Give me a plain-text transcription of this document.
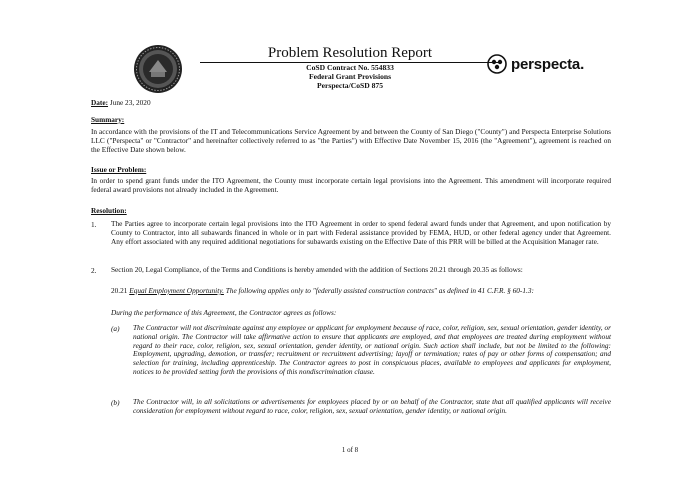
Problem Resolution Report
CoSD Contract No. 554833
Federal Grant Provisions
Perspecta/CoSD 875
perspecta.
Date: June 23, 2020
Summary:
In accordance with the provisions of the IT and Telecommunications Service Agreement by and between the County of San Diego ("County") and Perspecta Enterprise Solutions LLC ("Perspecta" or "Contractor" and hereinafter collectively referred to as "the Parties") with Effective Date November 15, 2016 (the "Agreement"), agreement is reached on the Effective Date shown below.
Issue or Problem:
In order to spend grant funds under the ITO Agreement, the County must incorporate certain legal provisions into the Agreement. This amendment will incorporate required federal award provisions not already included in the Agreement.
Resolution:
1. The Parties agree to incorporate certain legal provisions into the ITO Agreement in order to spend federal award funds under that Agreement, and upon notification by County to Contractor, into all subawards financed in whole or in part with Federal assistance provided by FEMA, HUD, or other federal agency under that Agreement. Any effort associated with any required additional negotiations for subawards existing on the Effective Date of this PRR will be billed at the Acquisition Manager rate.
2. Section 20, Legal Compliance, of the Terms and Conditions is hereby amended with the addition of Sections 20.21 through 20.35 as follows:
20.21 Equal Employment Opportunity. The following applies only to "federally assisted construction contracts" as defined in 41 C.F.R. § 60-1.3:
During the performance of this Agreement, the Contractor agrees as follows:
(a) The Contractor will not discriminate against any employee or applicant for employment because of race, color, religion, sex, sexual orientation, gender identity, or national origin. The Contractor will take affirmative action to ensure that applicants are employed, and that employees are treated during employment without regard to their race, color, religion, sex, sexual orientation, gender identity, or national origin. Such action shall include, but not be limited to the following: Employment, upgrading, demotion, or transfer; recruitment or recruitment advertising; layoff or termination; rates of pay or other forms of compensation; and selection for training, including apprenticeship. The Contractor agrees to post in conspicuous places, available to employees and applicants for employment, notices to be provided setting forth the provisions of this nondiscrimination clause.
(b) The Contractor will, in all solicitations or advertisements for employees placed by or on behalf of the Contractor, state that all qualified applicants will receive consideration for employment without regard to race, color, religion, sex, sexual orientation, gender identity, or national origin.
1 of 8
